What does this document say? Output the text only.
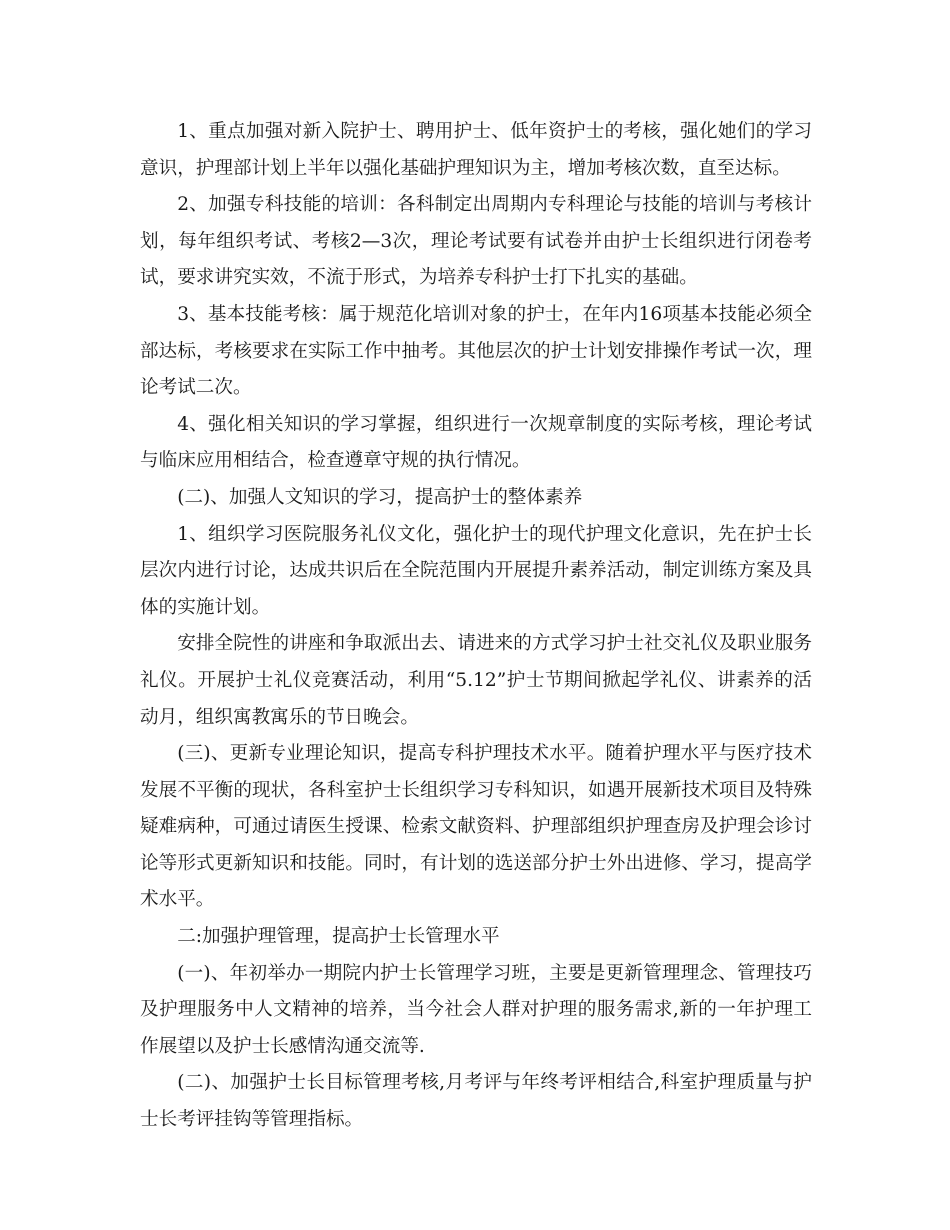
1、重点加强对新入院护士、聘用护士、低年资护士的考核，强化她们的学习意识，护理部计划上半年以强化基础护理知识为主，增加考核次数，直至达标。

2、加强专科技能的培训：各科制定出周期内专科理论与技能的培训与考核计划，每年组织考试、考核2—3次，理论考试要有试卷并由护士长组织进行闭卷考试，要求讲究实效，不流于形式，为培养专科护士打下扎实的基础。

3、基本技能考核：属于规范化培训对象的护士，在年内16项基本技能必须全部达标，考核要求在实际工作中抽考。其他层次的护士计划安排操作考试一次，理论考试二次。

4、强化相关知识的学习掌握，组织进行一次规章制度的实际考核，理论考试与临床应用相结合，检查遵章守规的执行情况。

(二)、加强人文知识的学习，提高护士的整体素养

1、组织学习医院服务礼仪文化，强化护士的现代护理文化意识，先在护士长层次内进行讨论，达成共识后在全院范围内开展提升素养活动，制定训练方案及具体的实施计划。

安排全院性的讲座和争取派出去、请进来的方式学习护士社交礼仪及职业服务礼仪。开展护士礼仪竞赛活动，利用“5.12”护士节期间掀起学礼仪、讲素养的活动月，组织寓教寓乐的节日晚会。

(三)、更新专业理论知识，提高专科护理技术水平。随着护理水平与医疗技术发展不平衡的现状，各科室护士长组织学习专科知识，如遇开展新技术项目及特殊疑难病种，可通过请医生授课、检索文献资料、护理部组织护理查房及护理会诊讨论等形式更新知识和技能。同时，有计划的选送部分护士外出进修、学习，提高学术水平。

二:加强护理管理，提高护士长管理水平

(一)、年初举办一期院内护士长管理学习班，主要是更新管理理念、管理技巧及护理服务中人文精神的培养，当今社会人群对护理的服务需求,新的一年护理工作展望以及护士长感情沟通交流等.

(二)、加强护士长目标管理考核,月考评与年终考评相结合,科室护理质量与护士长考评挂钩等管理指标。
